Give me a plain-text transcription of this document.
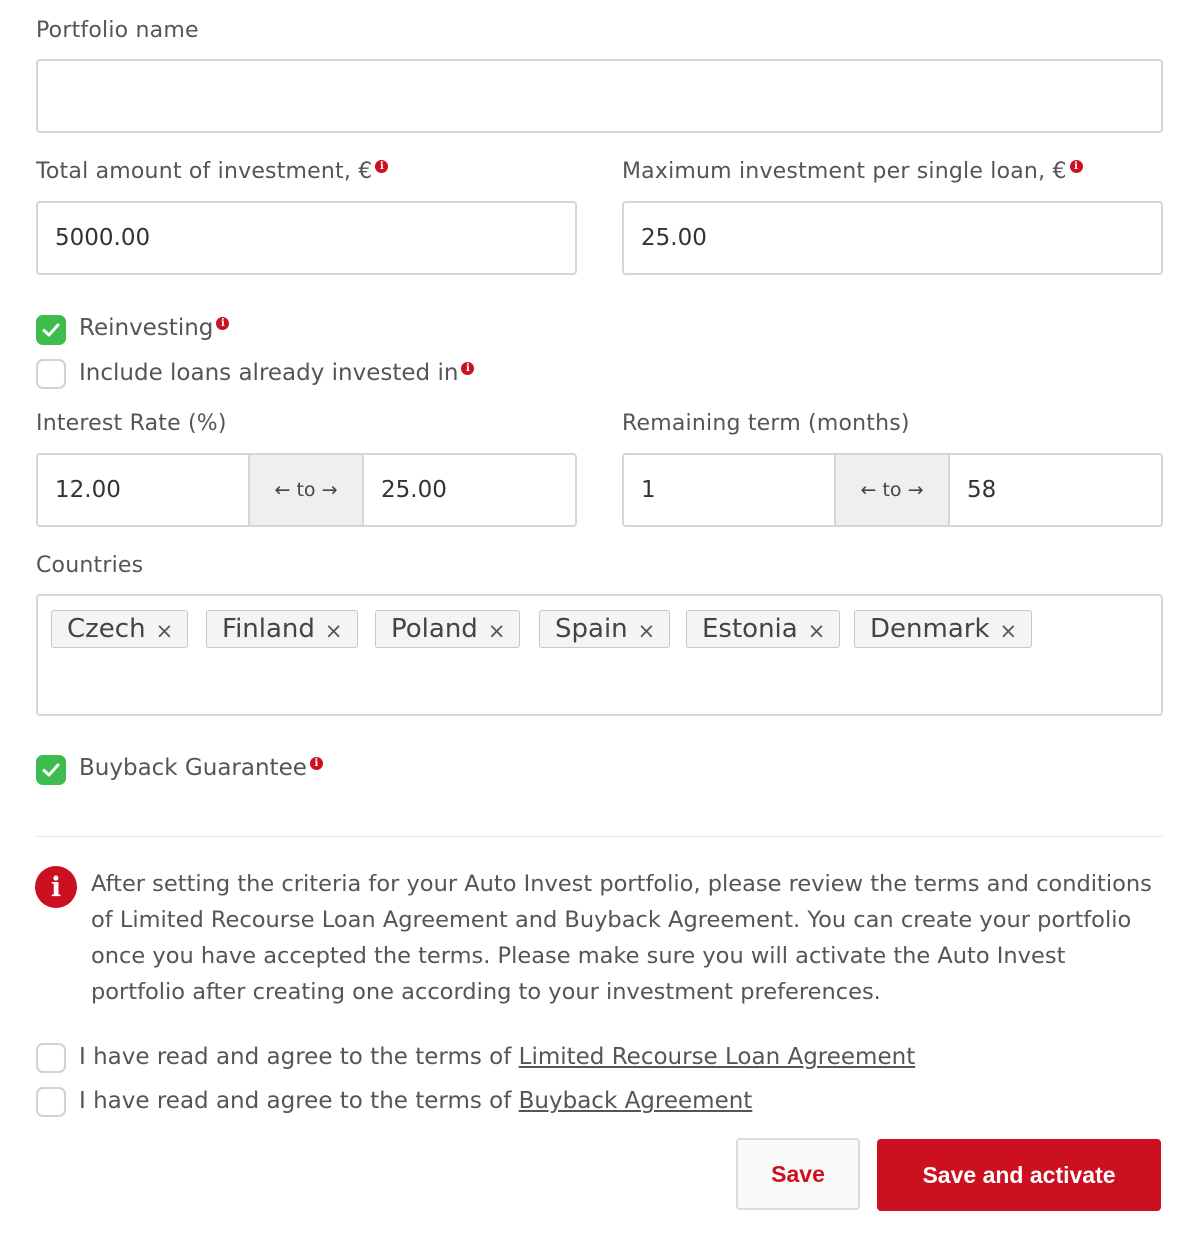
Portfolio name
Total amount of investment, € i
5000.00
Maximum investment per single loan, € i
25.00
Reinvesting i
Include loans already invested in i
Interest Rate (%)
12.00	← to → 25.00
Remaining term (months)
1	← to → 58
Countries
Czech × Finland × Poland × Spain × Estonia × Denmark ×
Buyback Guarantee i
i	After setting the criteria for your Auto Invest portfolio, please review the terms and conditions of Limited Recourse Loan Agreement and Buyback Agreement. You can create your portfolio once you have accepted the terms. Please make sure you will activate the Auto Invest portfolio after creating one according to your investment preferences.
I have read and agree to the terms of Limited Recourse Loan Agreement
I have read and agree to the terms of Buyback Agreement
Save	Save and activate
